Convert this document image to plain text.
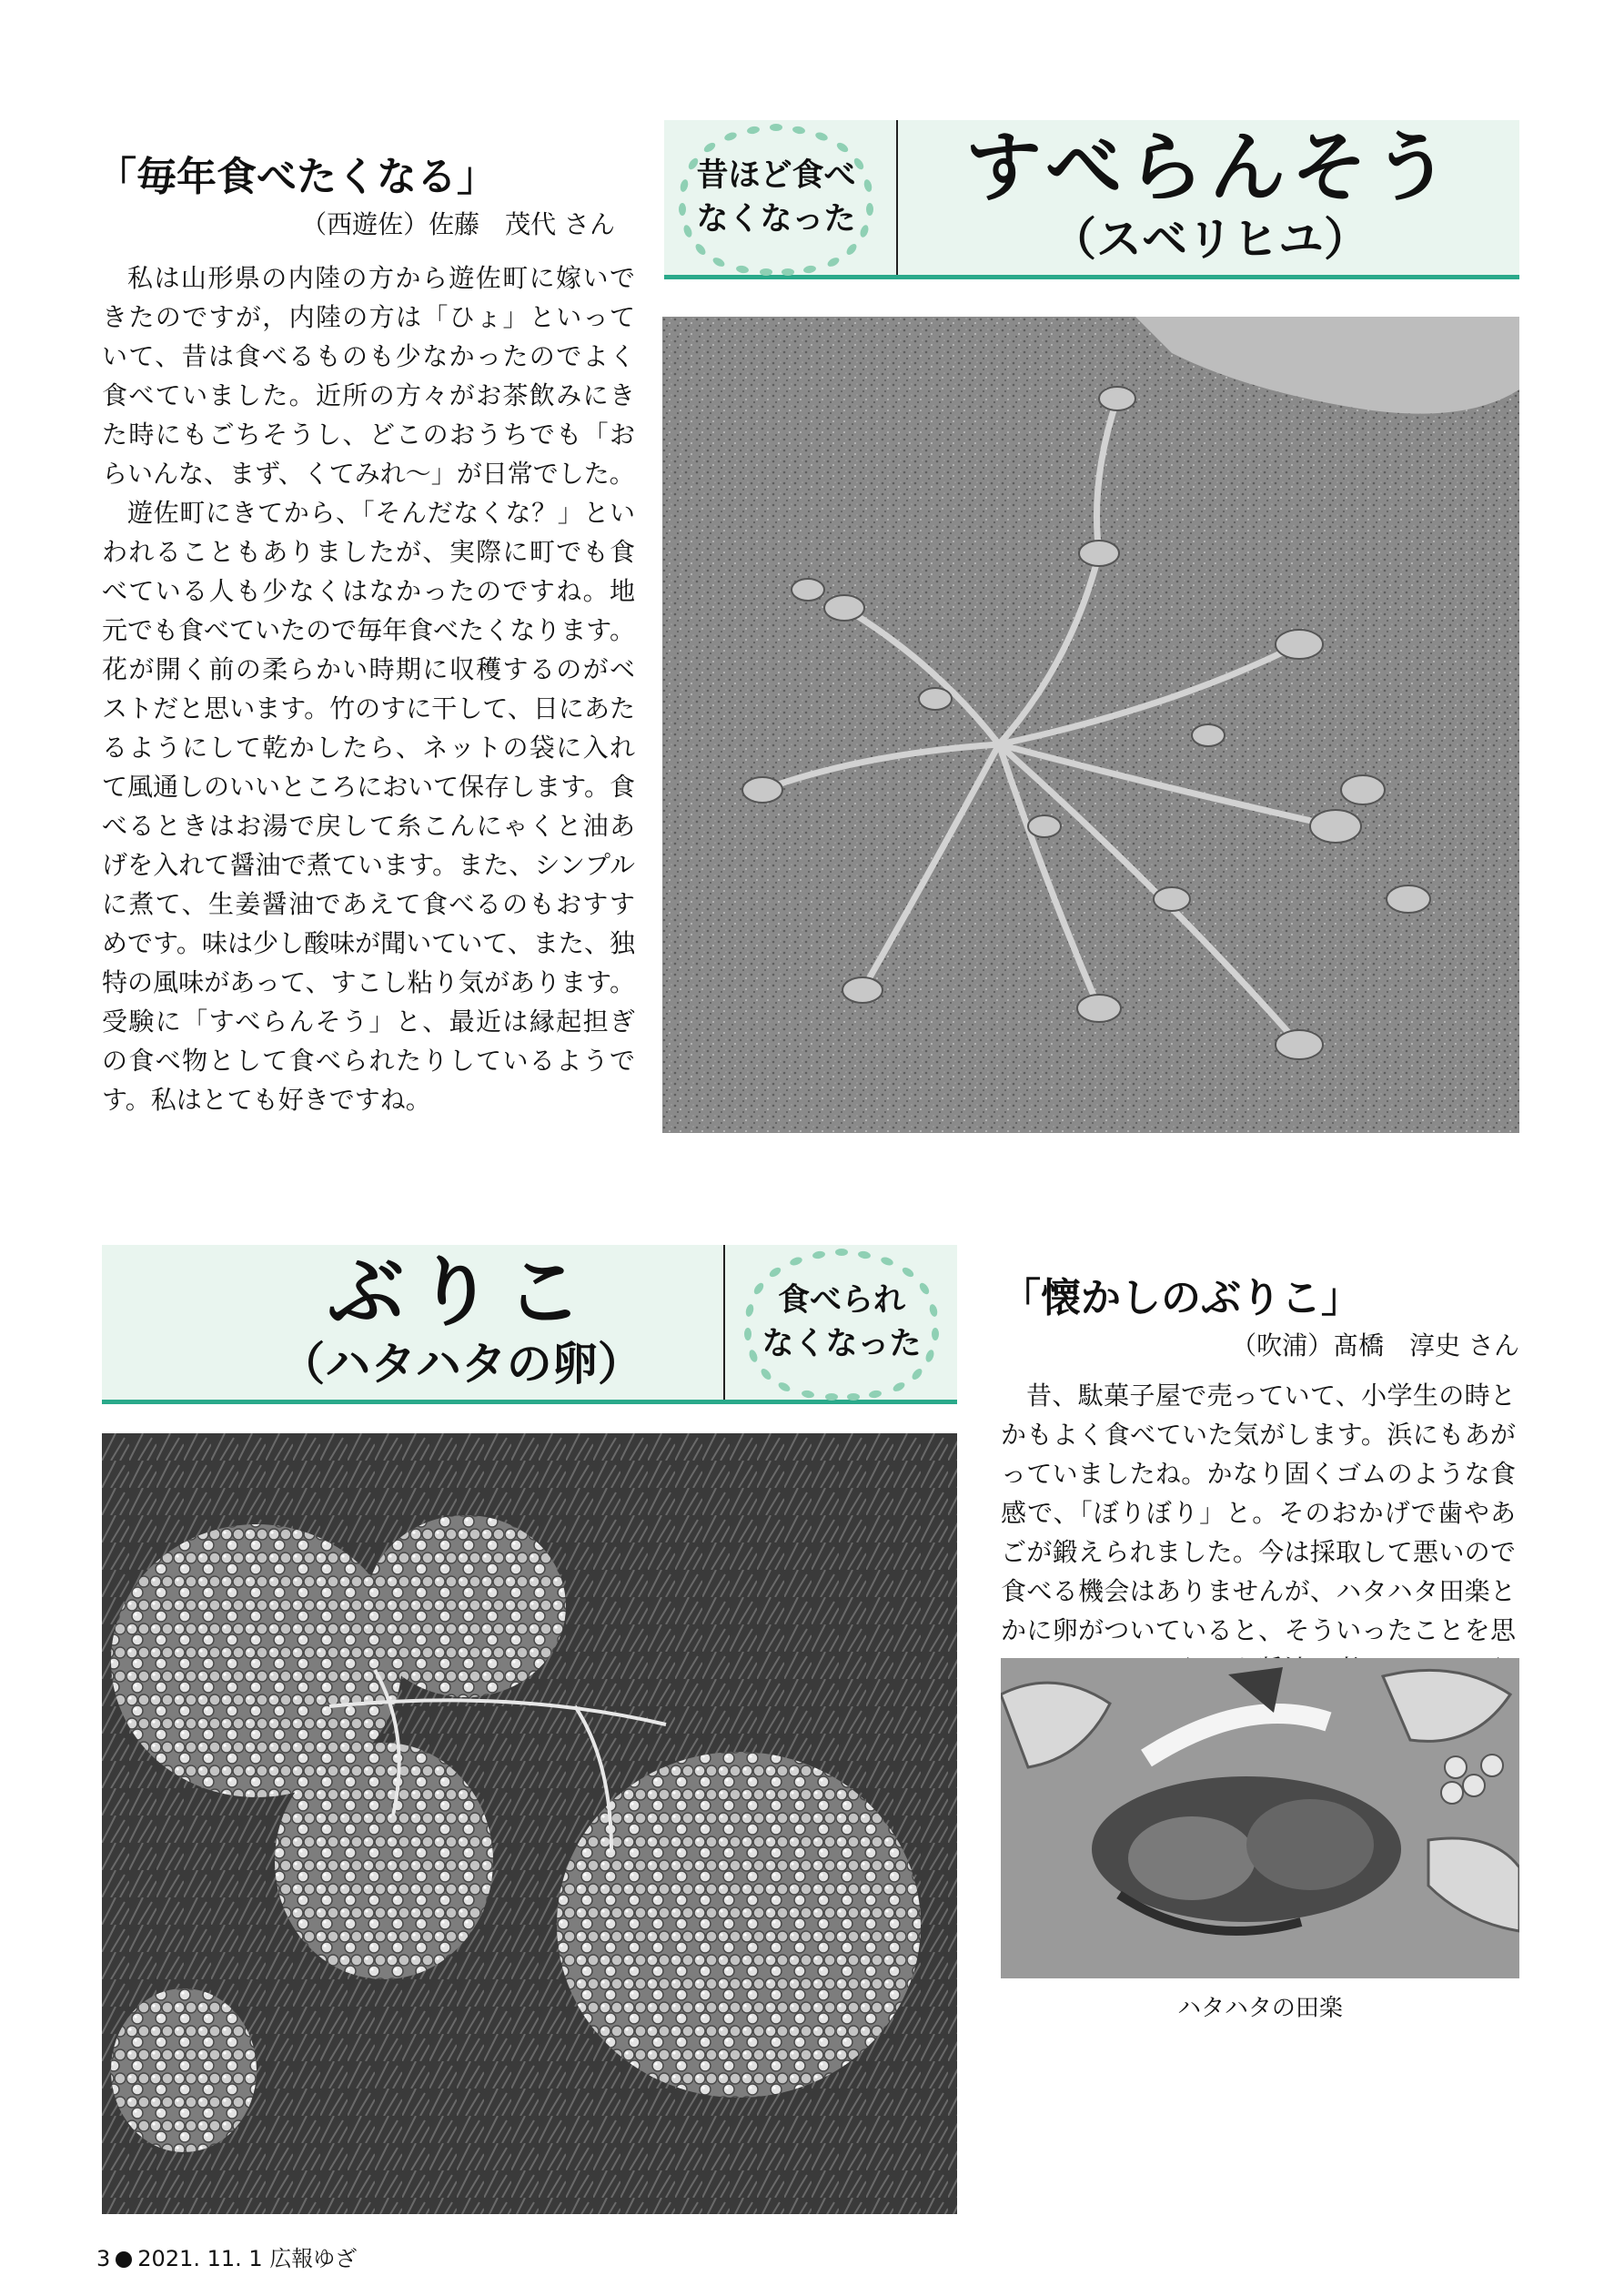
すべらんそう
（スベリヒユ）
昔ほど食べ
なくなった
「毎年食べたくなる」
（西遊佐）佐藤　茂代 さん

私は山形県の内陸の方から遊佐町に嫁いできたのですが，内陸の方は「ひょ」といっていて、昔は食べるものも少なかったのでよく食べていました。近所の方々がお茶飲みにきた時にもごちそうし、どこのおうちでも「おらいんな、まず、くてみれ〜」が日常でした。

遊佐町にきてから、「そんだなくな？」といわれることもありましたが、実際に町でも食べている人も少なくはなかったのですね。地元でも食べていたので毎年食べたくなります。花が開く前の柔らかい時期に収穫するのがベストだと思います。竹のすに干して、日にあたるようにして乾かしたら、ネットの袋に入れて風通しのいいところにおいて保存します。食べるときはお湯で戻して糸こんにゃくと油あげを入れて醤油で煮ています。また、シンプルに煮て、生姜醤油であえて食べるのもおすすめです。味は少し酸味が聞いていて、また、独特の風味があって、すこし粘り気があります。受験に「すべらんそう」と、最近は縁起担ぎの食べ物として食べられたりしているようです。私はとても好きですね。

ぶりこ
（ハタハタの卵）
食べられ
なくなった
「懐かしのぶりこ」
（吹浦）髙橋　淳史 さん

昔、駄菓子屋で売っていて、小学生の時とかもよく食べていた気がします。浜にもあがっていましたね。かなり固くゴムのような食感で、「ぼりぼり」と。そのおかげで歯やあごが鍛えられました。今は採取して悪いので食べる機会はありませんが、ハタハタ田楽とかに卵がついていると、そういったことを思

ハタハタの田楽
3 2021. 11. 1 広報ゆざ
